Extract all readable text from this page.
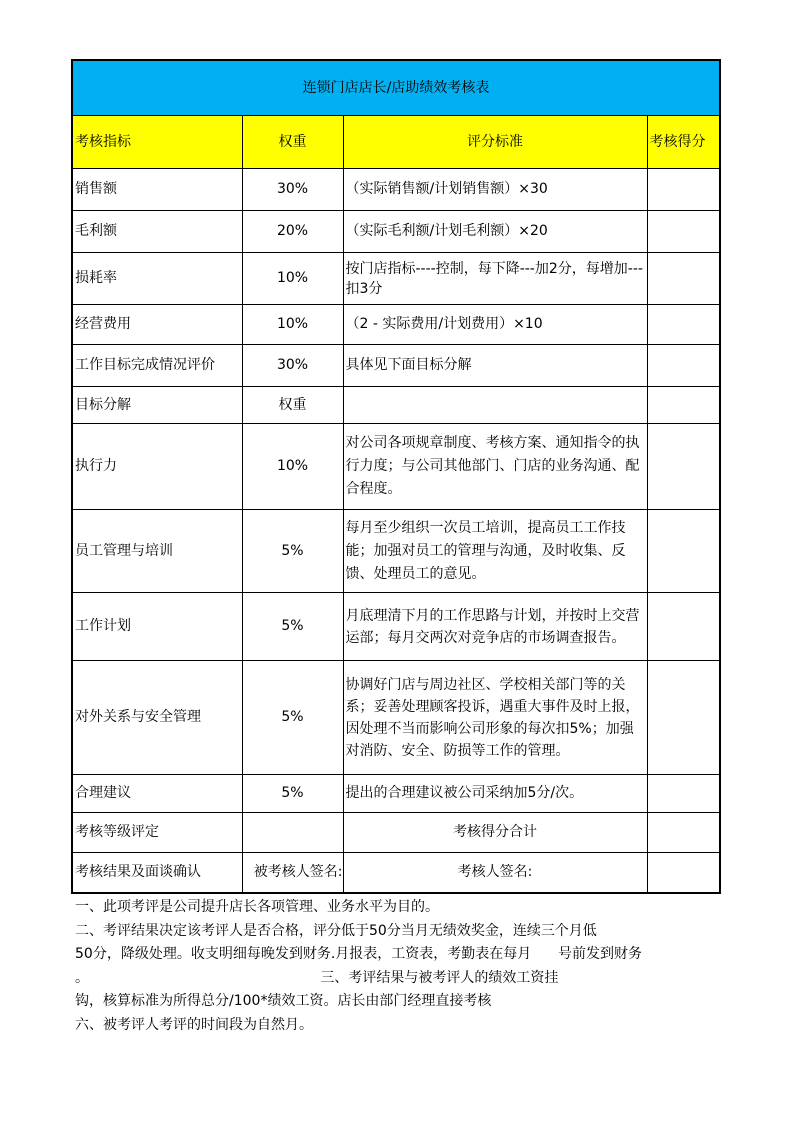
连锁门店店长/店助绩效考核表			
考核指标	权重	评分标准	考核得分
销售额	30%	（实际销售额/计划销售额）×30	
毛利额	20%	（实际毛利额/计划毛利额）×20	
损耗率	10%	按门店指标----控制，每下降---加2分，每增加---扣3分	
经营费用	10%	（2 - 实际费用/计划费用）×10	
工作目标完成情况评价	30%	具体见下面目标分解	
目标分解	权重		
执行力	10%	对公司各项规章制度、考核方案、通知指令的执行力度；与公司其他部门、门店的业务沟通、配合程度。	
员工管理与培训	5%	每月至少组织一次员工培训，提高员工工作技能；加强对员工的管理与沟通，及时收集、反馈、处理员工的意见。	
工作计划	5%	月底理清下月的工作思路与计划，并按时上交营运部；每月交两次对竞争店的市场调查报告。	
对外关系与安全管理	5%	协调好门店与周边社区、学校相关部门等的关系；妥善处理顾客投诉，遇重大事件及时上报，因处理不当而影响公司形象的每次扣5%；加强对消防、安全、防损等工作的管理。	
合理建议	5%	提出的合理建议被公司采纳加5分/次。	
考核等级评定		考核得分合计	
考核结果及面谈确认	被考核人签名:	考核人签名:	
一、此项考评是公司提升店长各项管理、业务水平为目的。
二、考评结果决定该考评人是否合格，评分低于50分当月无绩效奖金，连续三个月低
50分，降级处理。收支明细每晚发到财务.月报表，工资表，考勤表在每月      号前发到财务
。                                                    三、考评结果与被考评人的绩效工资挂
钩，核算标准为所得总分/100*绩效工资。店长由部门经理直接考核
六、被考评人考评的时间段为自然月。
